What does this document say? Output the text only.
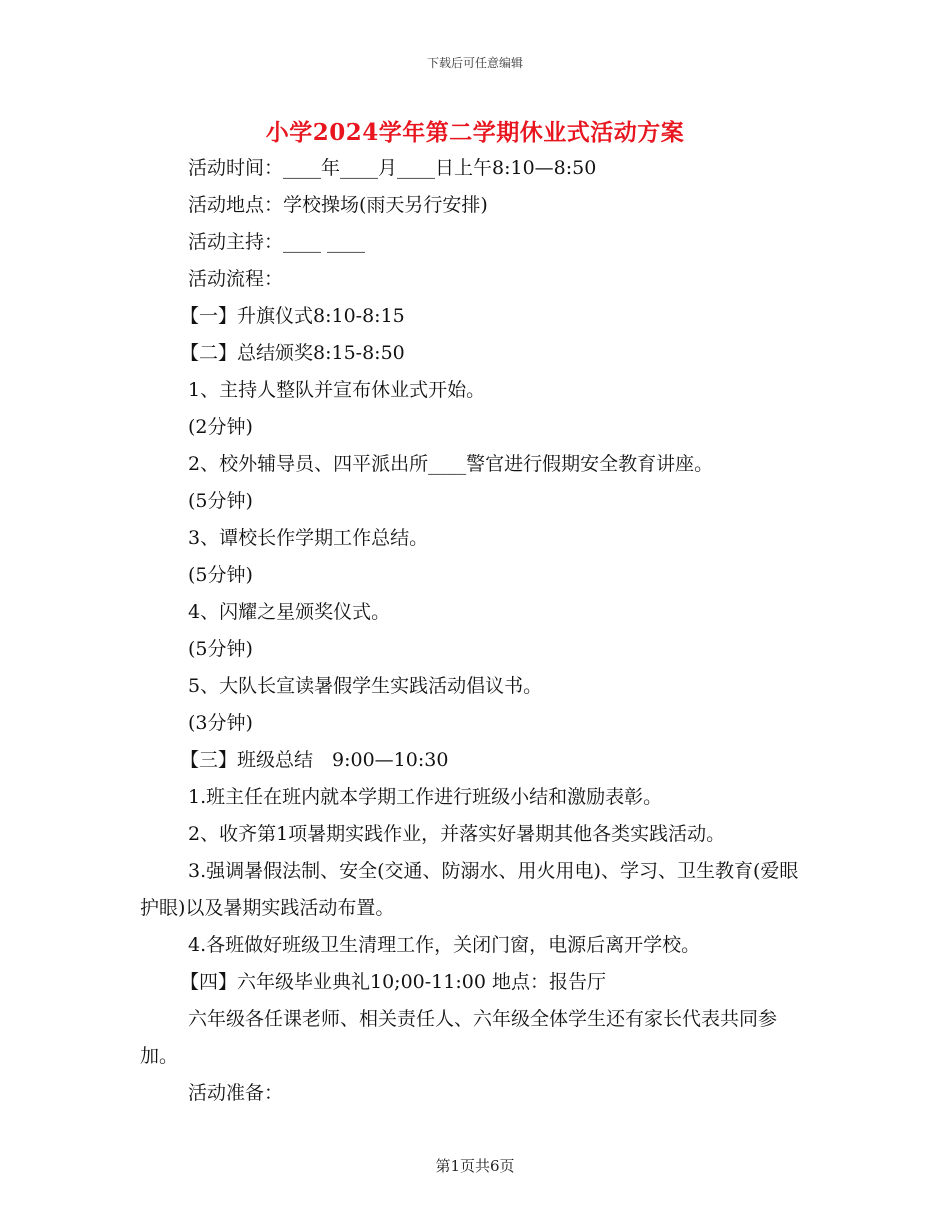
下载后可任意编辑
小学2024学年第二学期休业式活动方案
活动时间：____年____月____日上午8:10—8:50
活动地点：学校操场(雨天另行安排)
活动主持：____ ____
活动流程：
【一】升旗仪式8:10-8:15
【二】总结颁奖8:15-8:50
1、主持人整队并宣布休业式开始。
(2分钟)
2、校外辅导员、四平派出所____警官进行假期安全教育讲座。
(5分钟)
3、谭校长作学期工作总结。
(5分钟)
4、闪耀之星颁奖仪式。
(5分钟)
5、大队长宣读暑假学生实践活动倡议书。
(3分钟)
【三】班级总结　9:00—10:30
1.班主任在班内就本学期工作进行班级小结和激励表彰。
2、收齐第1项暑期实践作业，并落实好暑期其他各类实践活动。
3.强调暑假法制、安全(交通、防溺水、用火用电)、学习、卫生教育(爱眼护眼)以及暑期实践活动布置。
4.各班做好班级卫生清理工作，关闭门窗，电源后离开学校。
【四】六年级毕业典礼10;00-11:00 地点：报告厅
六年级各任课老师、相关责任人、六年级全体学生还有家长代表共同参加。
活动准备：
第1页共6页
